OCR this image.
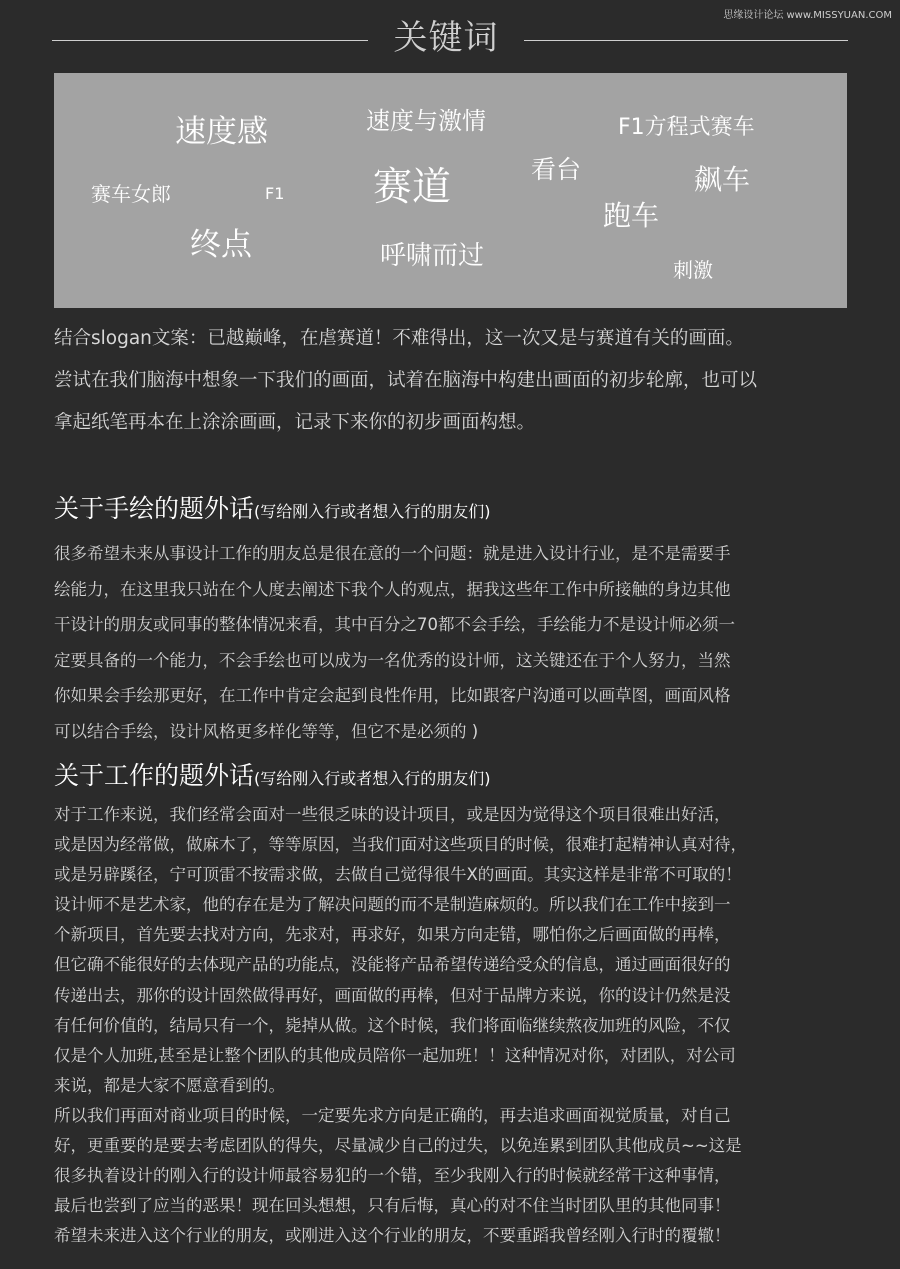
思缘设计论坛 www.MISSYUAN.COM
关键词
速度感	速度与激情	F1方程式赛车
赛车女郎	F1 赛道	看台	飙车
跑车
终点	呼啸而过	刺激

结合slogan文案：已越巅峰，在虐赛道！不难得出，这一次又是与赛道有关的画面。

尝试在我们脑海中想象一下我们的画面，试着在脑海中构建出画面的初步轮廓，也可以

拿起纸笔再本在上涂涂画画，记录下来你的初步画面构想。

关于手绘的题外话(写给刚入行或者想入行的朋友们)

很多希望未来从事设计工作的朋友总是很在意的一个问题：就是进入设计行业，是不是需要手

绘能力，在这里我只站在个人度去阐述下我个人的观点，据我这些年工作中所接触的身边其他

干设计的朋友或同事的整体情况来看，其中百分之70都不会手绘，手绘能力不是设计师必须一

定要具备的一个能力，不会手绘也可以成为一名优秀的设计师，这关键还在于个人努力，当然

你如果会手绘那更好，在工作中肯定会起到良性作用，比如跟客户沟通可以画草图，画面风格

可以结合手绘，设计风格更多样化等等，但它不是必须的 )

关于工作的题外话(写给刚入行或者想入行的朋友们)

对于工作来说，我们经常会面对一些很乏味的设计项目，或是因为觉得这个项目很难出好活，

或是因为经常做，做麻木了，等等原因，当我们面对这些项目的时候，很难打起精神认真对待，

或是另辟蹊径，宁可顶雷不按需求做，去做自己觉得很牛X的画面。其实这样是非常不可取的！

设计师不是艺术家，他的存在是为了解决问题的而不是制造麻烦的。所以我们在工作中接到一

个新项目，首先要去找对方向，先求对，再求好，如果方向走错，哪怕你之后画面做的再棒，

但它确不能很好的去体现产品的功能点，没能将产品希望传递给受众的信息，通过画面很好的

传递出去，那你的设计固然做得再好，画面做的再棒，但对于品牌方来说，你的设计仍然是没

有任何价值的，结局只有一个，毙掉从做。这个时候，我们将面临继续熬夜加班的风险，不仅

仅是个人加班,甚至是让整个团队的其他成员陪你一起加班！！这种情况对你，对团队，对公司

来说，都是大家不愿意看到的。

所以我们再面对商业项目的时候，一定要先求方向是正确的，再去追求画面视觉质量，对自己

好，更重要的是要去考虑团队的得失，尽量减少自己的过失，以免连累到团队其他成员~~这是

很多执着设计的刚入行的设计师最容易犯的一个错，至少我刚入行的时候就经常干这种事情，

最后也尝到了应当的恶果！现在回头想想，只有后悔，真心的对不住当时团队里的其他同事！

希望未来进入这个行业的朋友，或刚进入这个行业的朋友，不要重蹈我曾经刚入行时的覆辙！
